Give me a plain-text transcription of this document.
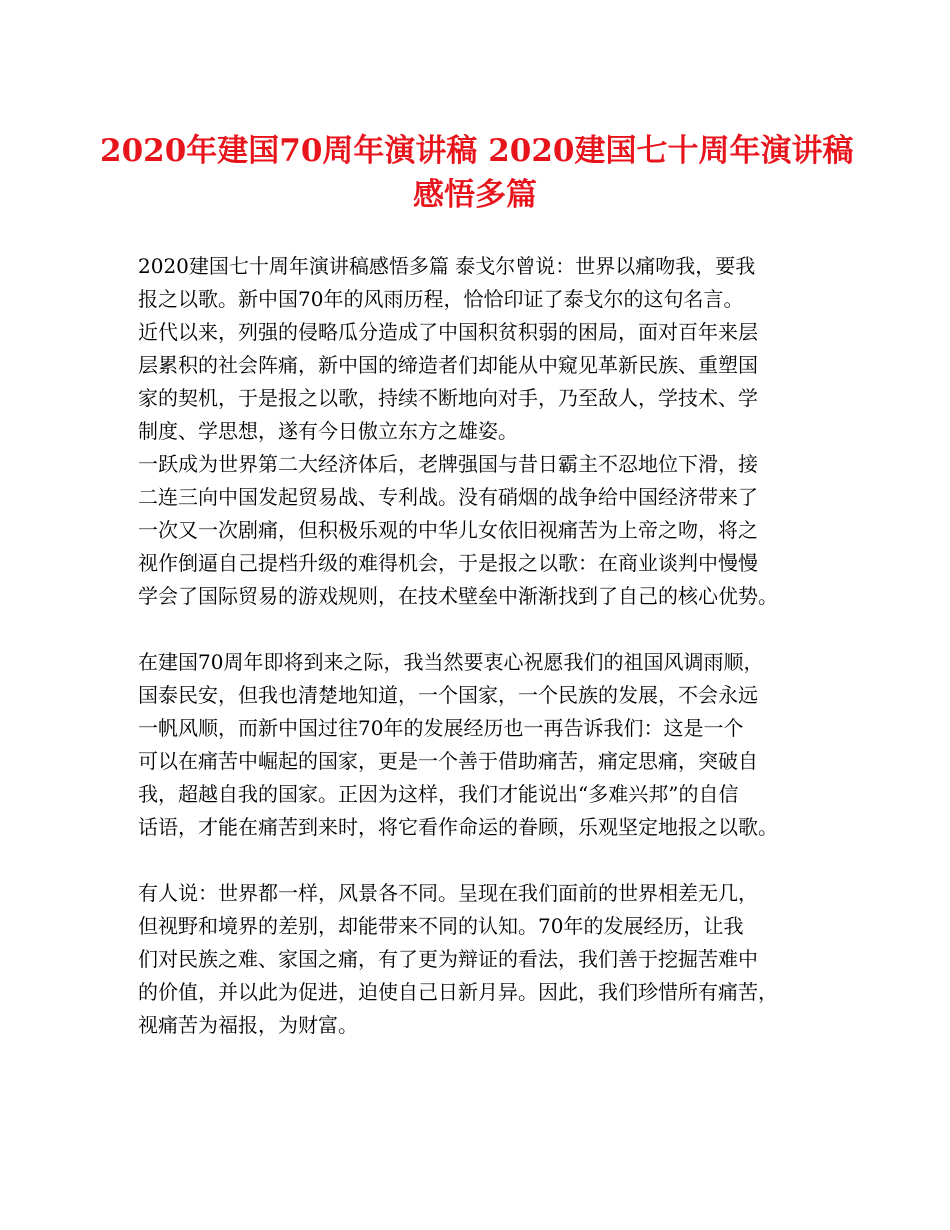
2020年建国70周年演讲稿 2020建国七十周年演讲稿
感悟多篇

2020建国七十周年演讲稿感悟多篇 泰戈尔曾说：世界以痛吻我，要我
报之以歌。新中国70年的风雨历程，恰恰印证了泰戈尔的这句名言。
近代以来，列强的侵略瓜分造成了中国积贫积弱的困局，面对百年来层
层累积的社会阵痛，新中国的缔造者们却能从中窥见革新民族、重塑国
家的契机，于是报之以歌，持续不断地向对手，乃至敌人，学技术、学
制度、学思想，遂有今日傲立东方之雄姿。
一跃成为世界第二大经济体后，老牌强国与昔日霸主不忍地位下滑，接
二连三向中国发起贸易战、专利战。没有硝烟的战争给中国经济带来了
一次又一次剧痛，但积极乐观的中华儿女依旧视痛苦为上帝之吻，将之
视作倒逼自己提档升级的难得机会，于是报之以歌：在商业谈判中慢慢
学会了国际贸易的游戏规则，在技术壁垒中渐渐找到了自己的核心优势。

在建国70周年即将到来之际，我当然要衷心祝愿我们的祖国风调雨顺，
国泰民安，但我也清楚地知道，一个国家，一个民族的发展，不会永远
一帆风顺，而新中国过往70年的发展经历也一再告诉我们：这是一个
可以在痛苦中崛起的国家，更是一个善于借助痛苦，痛定思痛，突破自
我，超越自我的国家。正因为这样，我们才能说出“多难兴邦”的自信
话语，才能在痛苦到来时，将它看作命运的眷顾，乐观坚定地报之以歌。

有人说：世界都一样，风景各不同。呈现在我们面前的世界相差无几，
但视野和境界的差别，却能带来不同的认知。70年的发展经历，让我
们对民族之难、家国之痛，有了更为辩证的看法，我们善于挖掘苦难中
的价值，并以此为促进，迫使自己日新月异。因此，我们珍惜所有痛苦，
视痛苦为福报，为财富。
